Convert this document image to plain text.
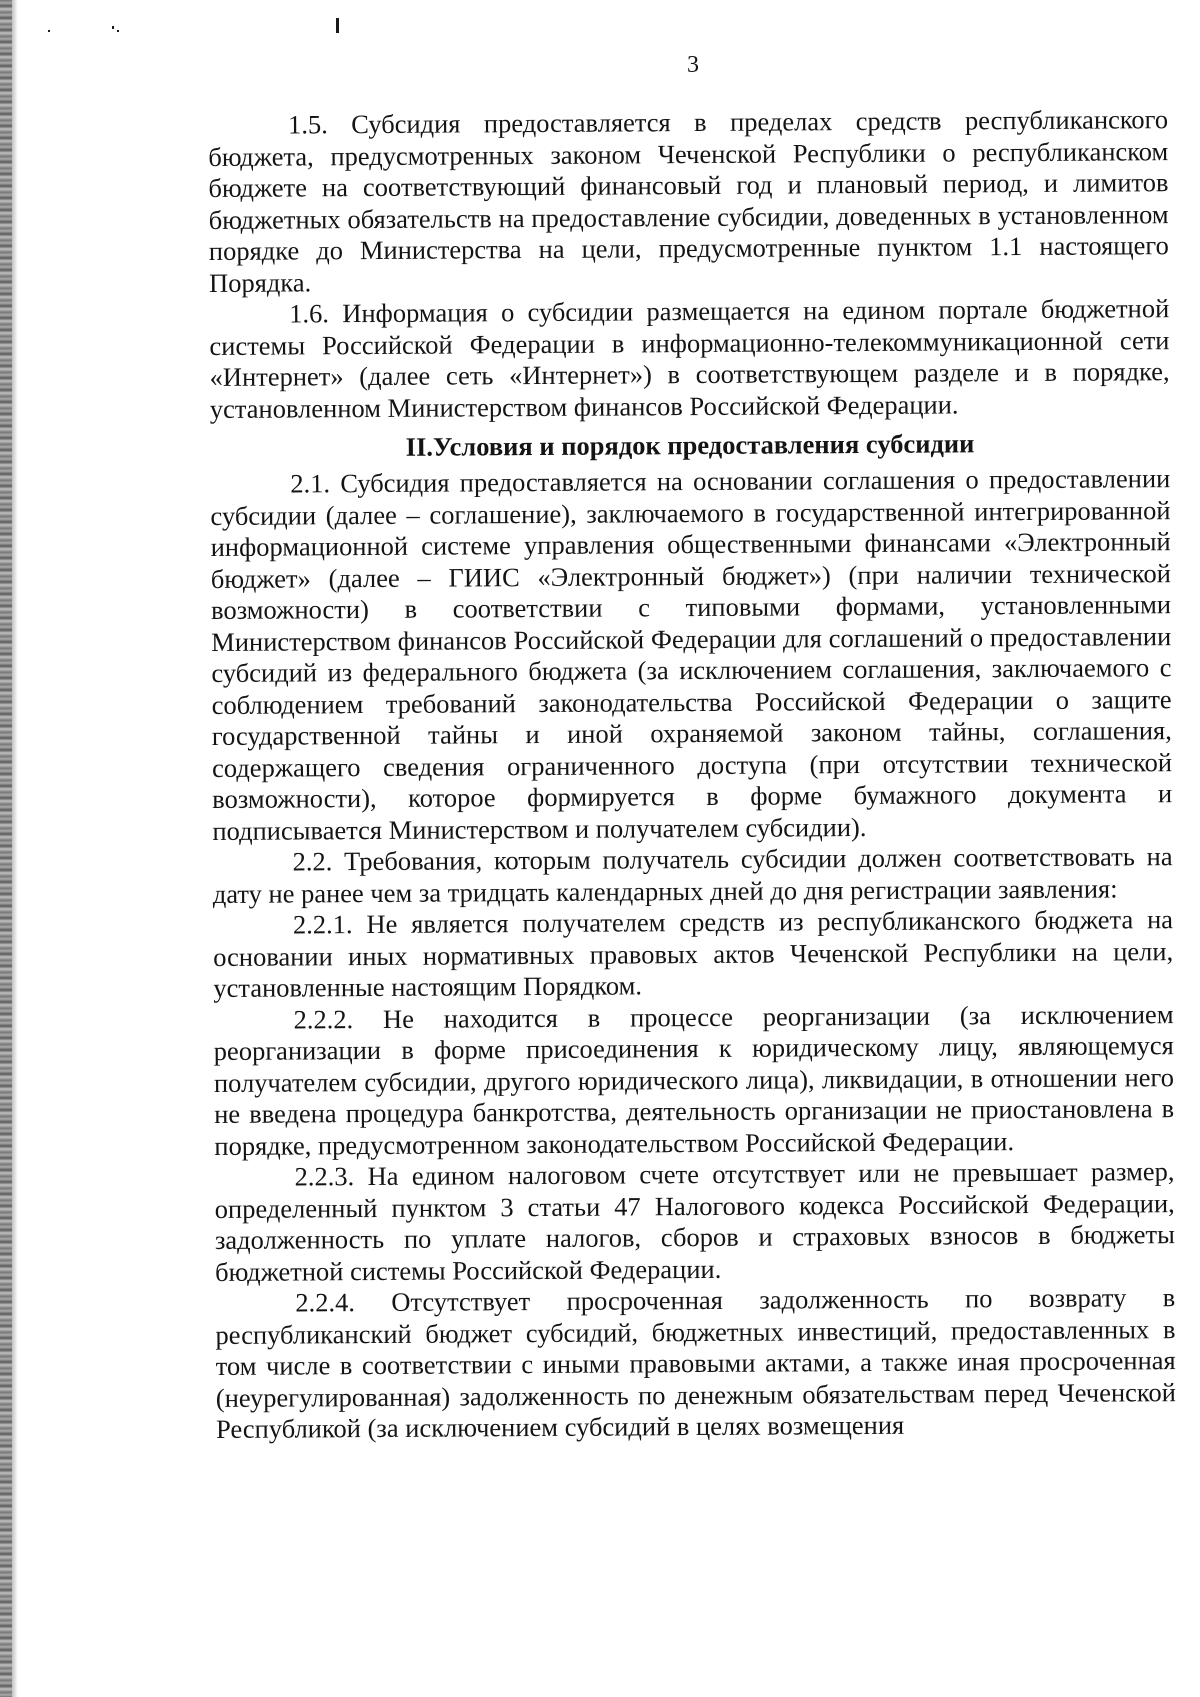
3

1.5. Субсидия предоставляется в пределах средств республиканского бюджета, предусмотренных законом Чеченской Республики о республиканском бюджете на соответствующий финансовый год и плановый период, и лимитов бюджетных обязательств на предоставление субсидии, доведенных в установленном порядке до Министерства на цели, предусмотренные пунктом 1.1 настоящего Порядка.

1.6. Информация о субсидии размещается на едином портале бюджетной системы Российской Федерации в информационно-телекоммуникационной сети «Интернет» (далее сеть «Интернет») в соответствующем разделе и в порядке, установленном Министерством финансов Российской Федерации.

II.Условия и порядок предоставления субсидии

2.1. Субсидия предоставляется на основании соглашения о предоставлении субсидии (далее – соглашение), заключаемого в государственной интегрированной информационной системе управления общественными финансами «Электронный бюджет» (далее – ГИИС «Электронный бюджет») (при наличии технической возможности) в соответствии с типовыми формами, установленными Министерством финансов Российской Федерации для соглашений о предоставлении субсидий из федерального бюджета (за исключением соглашения, заключаемого с соблюдением требований законодательства Российской Федерации о защите государственной тайны и иной охраняемой законом тайны, соглашения, содержащего сведения ограниченного доступа (при отсутствии технической возможности), которое формируется в форме бумажного документа и подписывается Министерством и получателем субсидии).

2.2. Требования, которым получатель субсидии должен соответствовать на дату не ранее чем за тридцать календарных дней до дня регистрации заявления:

2.2.1. Не является получателем средств из республиканского бюджета на основании иных нормативных правовых актов Чеченской Республики на цели, установленные настоящим Порядком.

2.2.2. Не находится в процессе реорганизации (за исключением реорганизации в форме присоединения к юридическому лицу, являющемуся получателем субсидии, другого юридического лица), ликвидации, в отношении него не введена процедура банкротства, деятельность организации не приостановлена в порядке, предусмотренном законодательством Российской Федерации.

2.2.3. На едином налоговом счете отсутствует или не превышает размер, определенный пунктом 3 статьи 47 Налогового кодекса Российской Федерации, задолженность по уплате налогов, сборов и страховых взносов в бюджеты бюджетной системы Российской Федерации.

2.2.4. Отсутствует просроченная задолженность по возврату в республиканский бюджет субсидий, бюджетных инвестиций, предоставленных в том числе в соответствии с иными правовыми актами, а также иная просроченная (неурегулированная) задолженность по денежным обязательствам перед Чеченской Республикой (за исключением субсидий в целях возмещения
